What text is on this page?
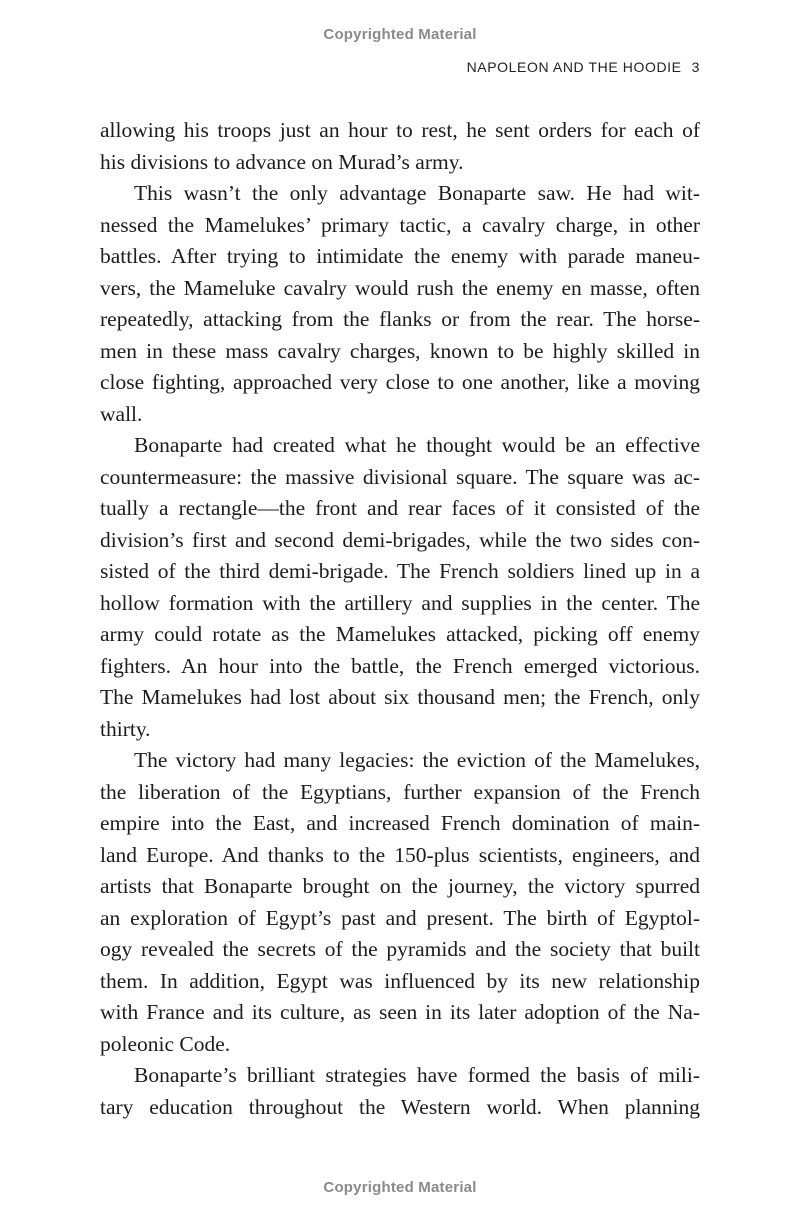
Copyrighted Material
NAPOLEON AND THE HOODIE 3
allowing his troops just an hour to rest, he sent orders for each of
his divisions to advance on Murad’s army.
This wasn’t the only advantage Bonaparte saw. He had wit-
nessed the Mamelukes’ primary tactic, a cavalry charge, in other
battles. After trying to intimidate the enemy with parade maneu-
vers, the Mameluke cavalry would rush the enemy en masse, often
repeatedly, attacking from the flanks or from the rear. The horse-
men in these mass cavalry charges, known to be highly skilled in
close fighting, approached very close to one another, like a moving
wall.
Bonaparte had created what he thought would be an effective
countermeasure: the massive divisional square. The square was ac-
tually a rectangle—the front and rear faces of it consisted of the
division’s first and second demi-brigades, while the two sides con-
sisted of the third demi-brigade. The French soldiers lined up in a
hollow formation with the artillery and supplies in the center. The
army could rotate as the Mamelukes attacked, picking off enemy
fighters. An hour into the battle, the French emerged victorious.
The Mamelukes had lost about six thousand men; the French, only
thirty.
The victory had many legacies: the eviction of the Mamelukes,
the liberation of the Egyptians, further expansion of the French
empire into the East, and increased French domination of main-
land Europe. And thanks to the 150-plus scientists, engineers, and
artists that Bonaparte brought on the journey, the victory spurred
an exploration of Egypt’s past and present. The birth of Egyptol-
ogy revealed the secrets of the pyramids and the society that built
them. In addition, Egypt was influenced by its new relationship
with France and its culture, as seen in its later adoption of the Na-
poleonic Code.
Bonaparte’s brilliant strategies have formed the basis of mili-
tary education throughout the Western world. When planning
Copyrighted Material
